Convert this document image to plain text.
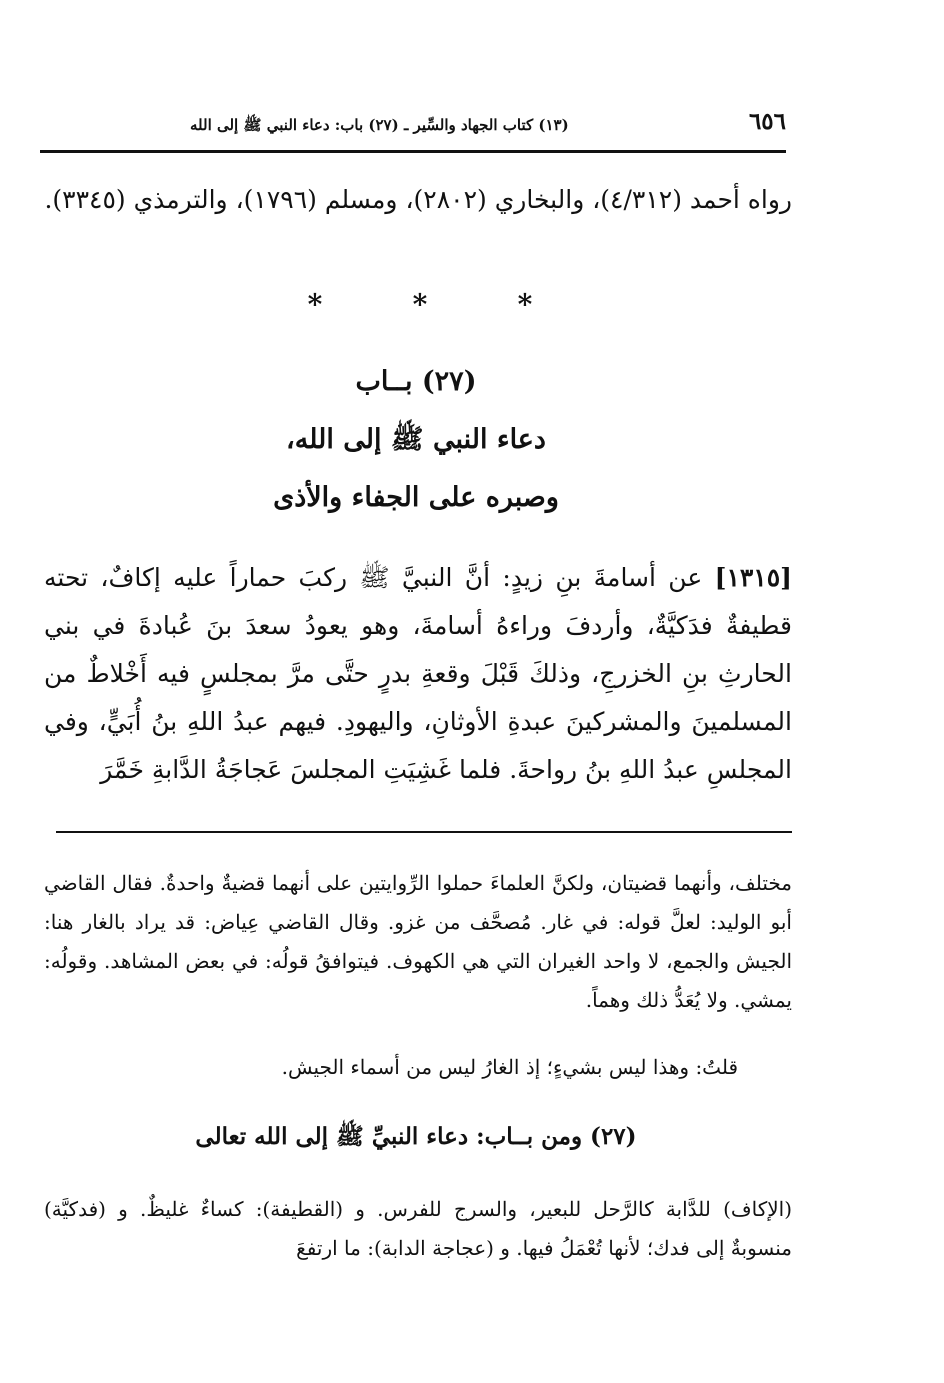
٦٥٦
(١٣) كتاب الجهاد والسِّير ـ (٢٧) باب: دعاء النبي ﷺ إلى الله
رواه أحمد (٤/٣١٢)، والبخاري (٢٨٠٢)، ومسلم (١٧٩٦)، والترمذي (٣٣٤٥).
*	*	*
(٢٧) بــاب
دعاء النبي ﷺ إلى الله،
وصبره على الجفاء والأذى
[١٣١٥] عن أسامةَ بنِ زيدٍ: أنَّ النبيَّ ﷺ ركبَ حماراً عليه إكافٌ، تحته قطيفةٌ فدَكيَّةٌ، وأردفَ وراءهُ أسامةَ، وهو يعودُ سعدَ بنَ عُبادةَ في بني الحارثِ بنِ الخزرجِ، وذلكَ قَبْلَ وقعةِ بدرٍ حتَّى مرَّ بمجلسٍ فيه أَخْلاطٌ من المسلمينَ والمشركينَ عبدةِ الأوثانِ، واليهودِ. فيهم عبدُ اللهِ بنُ أُبَيٍّ، وفي المجلسِ عبدُ اللهِ بنُ رواحةَ. فلما غَشِيَتِ المجلسَ عَجاجَةُ الدَّابةِ خَمَّرَ
مختلف، وأنهما قضيتان، ولكنَّ العلماءَ حملوا الرِّوايتين على أنهما قضيةٌ واحدةٌ. فقال القاضي أبو الوليد: لعلَّ قوله: في غار. مُصحَّف من غزو. وقال القاضي عِياض: قد يراد بالغار هنا: الجيش والجمع، لا واحد الغيران التي هي الكهوف. فيتوافقُ قولُه: في بعض المشاهد. وقولُه: يمشي. ولا يُعَدُّ ذلك وهماً.
قلتُ: وهذا ليس بشيءٍ؛ إذ الغارُ ليس من أسماء الجيش.
(٢٧) ومن بــاب: دعاء النبيِّ ﷺ إلى الله تعالى
(الإكاف) للدَّابة كالرَّحل للبعير، والسرج للفرس. و (القطيفة): كساءٌ غليظٌ. و (فدكيَّة) منسوبةٌ إلى فدك؛ لأنها تُعْمَلُ فيها. و (عجاجة الدابة): ما ارتفعَ
